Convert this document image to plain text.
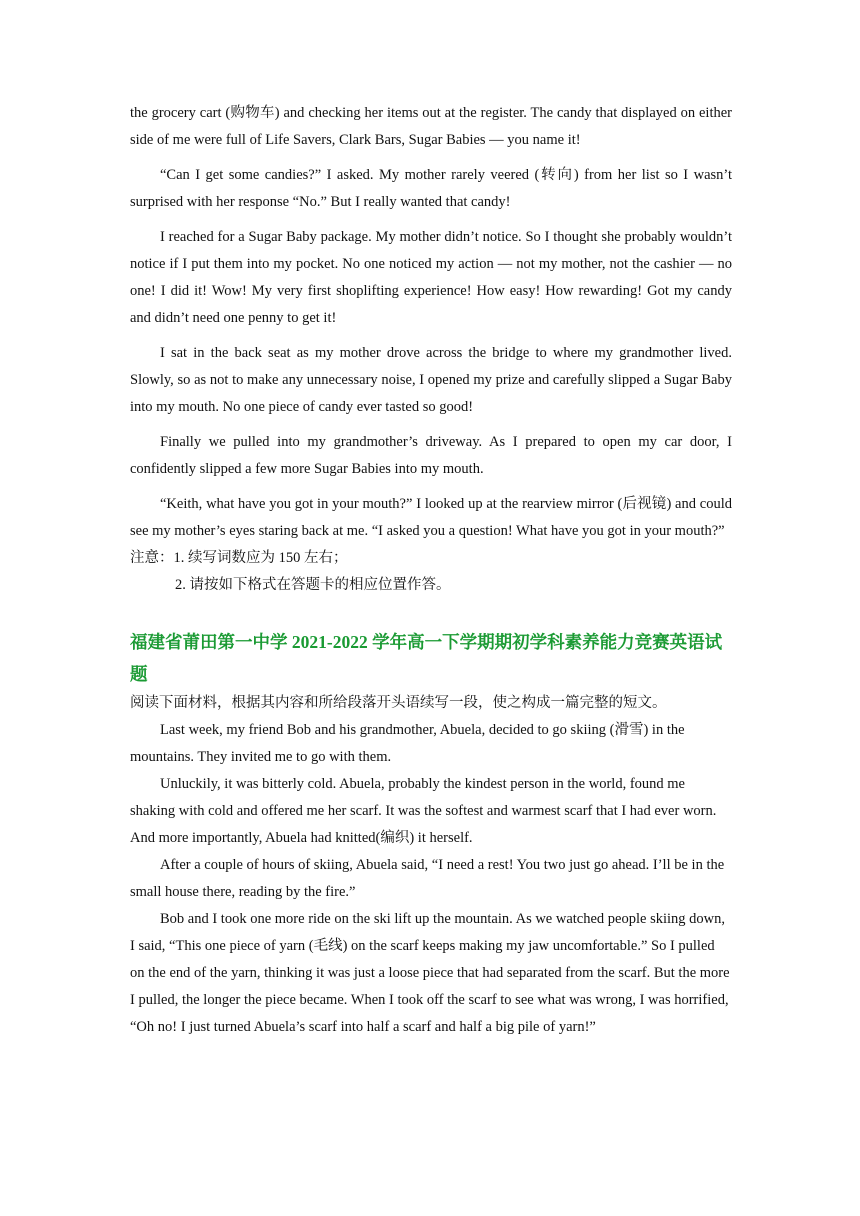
the grocery cart (购物车) and checking her items out at the register. The candy that displayed on either side of me were full of Life Savers, Clark Bars, Sugar Babies — you name it!

“Can I get some candies?” I asked. My mother rarely veered (转向) from her list so I wasn’t surprised with her response “No.” But I really wanted that candy!

I reached for a Sugar Baby package. My mother didn’t notice. So I thought she probably wouldn’t notice if I put them into my pocket. No one noticed my action — not my mother, not the cashier — no one! I did it! Wow! My very first shoplifting experience! How easy! How rewarding! Got my candy and didn’t need one penny to get it!

I sat in the back seat as my mother drove across the bridge to where my grandmother lived. Slowly, so as not to make any unnecessary noise, I opened my prize and carefully slipped a Sugar Baby into my mouth. No one piece of candy ever tasted so good!

Finally we pulled into my grandmother’s driveway. As I prepared to open my car door, I confidently slipped a few more Sugar Babies into my mouth.

“Keith, what have you got in your mouth?” I looked up at the rearview mirror (后视镜) and could see my mother’s eyes staring back at me. “I asked you a question! What have you got in your mouth?”

注意：1. 续写词数应为 150 左右；

2. 请按如下格式在答题卡的相应位置作答。

福建省莆田第一中学 2021-2022 学年高一下学期期初学科素养能力竞赛英语试题

阅读下面材料，根据其内容和所给段落开头语续写一段，使之构成一篇完整的短文。

Last week, my friend Bob and his grandmother, Abuela, decided to go skiing (滑雪) in the mountains. They invited me to go with them.

Unluckily, it was bitterly cold. Abuela, probably the kindest person in the world, found me shaking with cold and offered me her scarf. It was the softest and warmest scarf that I had ever worn. And more importantly, Abuela had knitted(编织) it herself.

After a couple of hours of skiing, Abuela said, “I need a rest! You two just go ahead. I’ll be in the small house there, reading by the fire.”

Bob and I took one more ride on the ski lift up the mountain. As we watched people skiing down, I said, “This one piece of yarn (毛线) on the scarf keeps making my jaw uncomfortable.” So I pulled on the end of the yarn, thinking it was just a loose piece that had separated from the scarf. But the more I pulled, the longer the piece became. When I took off the scarf to see what was wrong, I was horrified, “Oh no! I just turned Abuela’s scarf into half a scarf and half a big pile of yarn!”
